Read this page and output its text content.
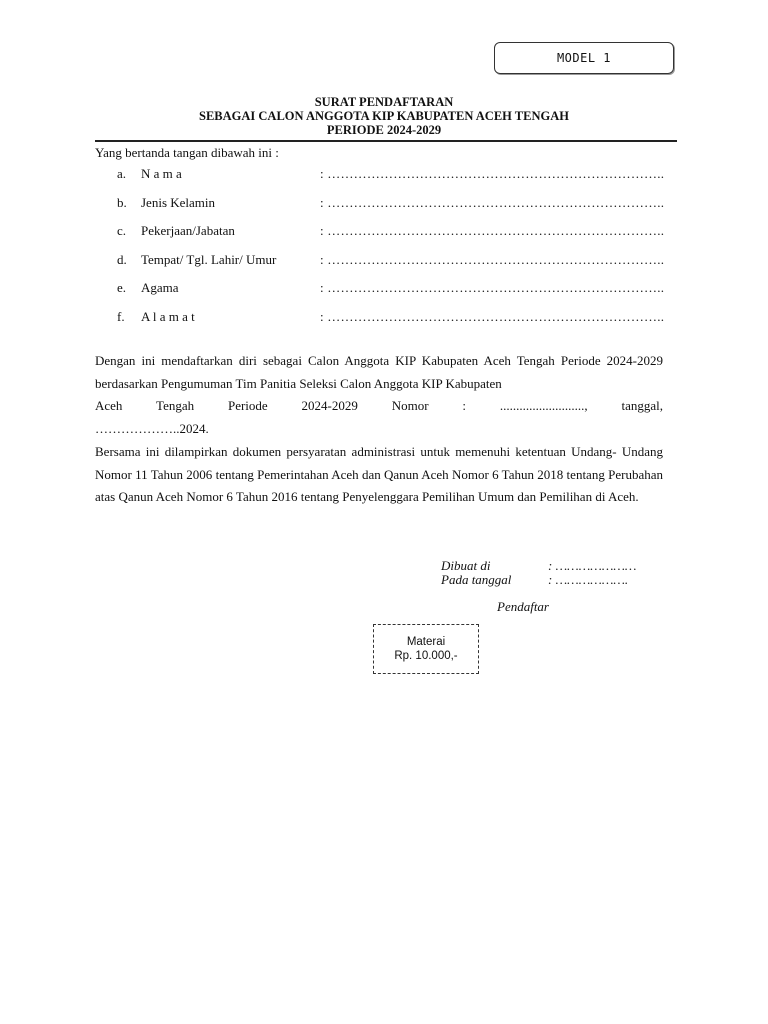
MODEL 1
SURAT PENDAFTARAN
SEBAGAI CALON ANGGOTA KIP KABUPATEN ACEH TENGAH
PERIODE 2024-2029
Yang bertanda tangan dibawah ini :
a. N a m a	: …………………………………………………………………..
b. Jenis Kelamin	: …………………………………………………………………..
c. Pekerjaan/Jabatan	: …………………………………………………………………..
d. Tempat/ Tgl. Lahir/ Umur	: …………………………………………………………………..
e. Agama	: …………………………………………………………………..
f. A l a m a t	: …………………………………………………………………..
Dengan ini mendaftarkan diri sebagai Calon Anggota KIP Kabupaten Aceh Tengah Periode 2024-2029 berdasarkan Pengumuman Tim Panitia Seleksi Calon Anggota KIP Kabupaten
Aceh Tengah Periode 2024-2029 Nomor : .........................., tanggal,
………………..2024.
Bersama ini dilampirkan dokumen persyaratan administrasi untuk memenuhi ketentuan Undang- Undang Nomor 11 Tahun 2006 tentang Pemerintahan Aceh dan Qanun Aceh Nomor 6 Tahun 2018 tentang Perubahan atas Qanun Aceh Nomor 6 Tahun 2016 tentang Penyelenggara Pemilihan Umum dan Pemilihan di Aceh.
Dibuat di	: …………………
Pada tanggal	: ……………….
Pendaftar
Materai
Rp. 10.000,-
